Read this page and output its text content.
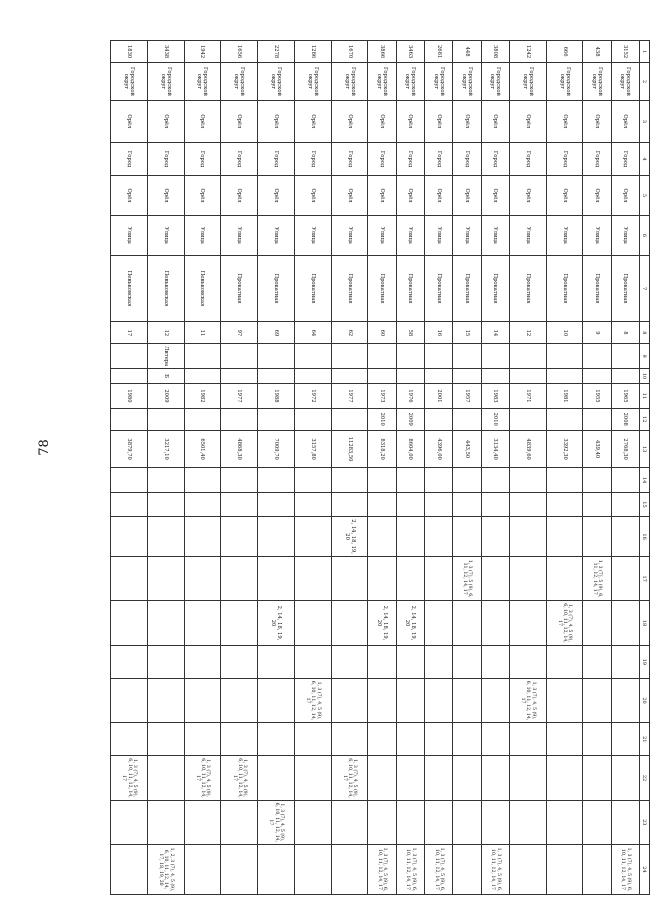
78
1	2	3	4	5	6	7	8	9	10	11	12	13	14	15	16	17	18	19	20	21	22	23	24
3152	Городской округ	Орёл	Город	Орёл	Улица	Прокатная	8			1965	2008	2768,30											1, 3 (7), 4, 5 (9), 6, 10, 11, 12, 14, 17
438	Городской округ	Орёл	Город	Орёл	Улица	Прокатная	9			1955		439,40				1, 3 (7), 5 (9), 6, 11, 12, 14, 17							
666	Городской округ	Орёл	Город	Орёл	Улица	Прокатная	10			1981		3392,30					1, 3 (7), 4, 5 (9), 6, 10, 11, 12, 14, 17						
1242	Городской округ	Орёл	Город	Орёл	Улица	Прокатная	12			1971		4839,60							1, 3 (7), 4, 5 (9), 6, 10, 11, 12, 14, 17				
3808	Городской округ	Орёл	Город	Орёл	Улица	Прокатная	14			1983	2010	3134,40											1, 3 (7), 4, 5 (9), 6, 10, 11, 12, 14, 17
448	Городской округ	Орёл	Город	Орёл	Улица	Прокатная	15			1957		443,50				1, 3 (7), 5 (9), 6, 11, 12, 14, 17							
2681	Городской округ	Орёл	Город	Орёл	Улица	Прокатная	16			2001		4396,00											1, 3 (7), 4, 5 (9), 6, 10, 11, 12, 14, 17
3463	Городской округ	Орёл	Город	Орёл	Улица	Прокатная	58			1976	2009	8604,00					2, 14, 18, 19, 20						1, 3 (7), 4, 5 (9), 6, 10, 11, 12, 14, 17
3866	Городской округ	Орёл	Город	Орёл	Улица	Прокатная	60			1973	2010	8318,20					2, 14, 18, 19, 20						1, 3 (7), 4, 5 (9), 6, 10, 11, 12, 14, 17
1670	Городской округ	Орёл	Город	Орёл	Улица	Прокатная	62			1977		11283,50			2, 14, 18, 19, 20						1, 3 (7), 4, 5 (9), 6, 10, 11, 12, 14, 17		
1286	Городской округ	Орёл	Город	Орёл	Улица	Прокатная	64			1972		3157,80							1, 3 (7), 4, 5 (9), 6, 10, 11, 12, 14, 17				
2278	Городской округ	Орёл	Город	Орёл	Улица	Прокатная	69			1988		7009,70					2, 14, 18, 19, 20					1, 3 (7), 4, 5 (9), 6, 10, 11, 12, 14, 17	
1656	Городской округ	Орёл	Город	Орёл	Улица	Прокатная	97			1977		4868,30									1, 3 (7), 4, 5 (9), 6, 10, 11, 12, 14, 17		
1942	Городской округ	Орёл	Город	Орёл	Улица	Пеньковская	11			1982		6501,40									1, 3 (7), 4, 5 (9), 6, 10, 11, 12, 14, 17		
3438	Городской округ	Орёл	Город	Орёл	Улица	Пеньковская	12	Литера	Б	2009		3217,10											1, 2, 3 (7), 4, 5 (9), 6, 10, 11, 12, 14, 17, 18, 19, 20
1830	Городской округ	Орёл	Город	Орёл	Улица	Пеньковская	17			1980		3879,70									1, 3 (7), 4, 5 (9), 6, 10, 11, 12, 14, 17		
